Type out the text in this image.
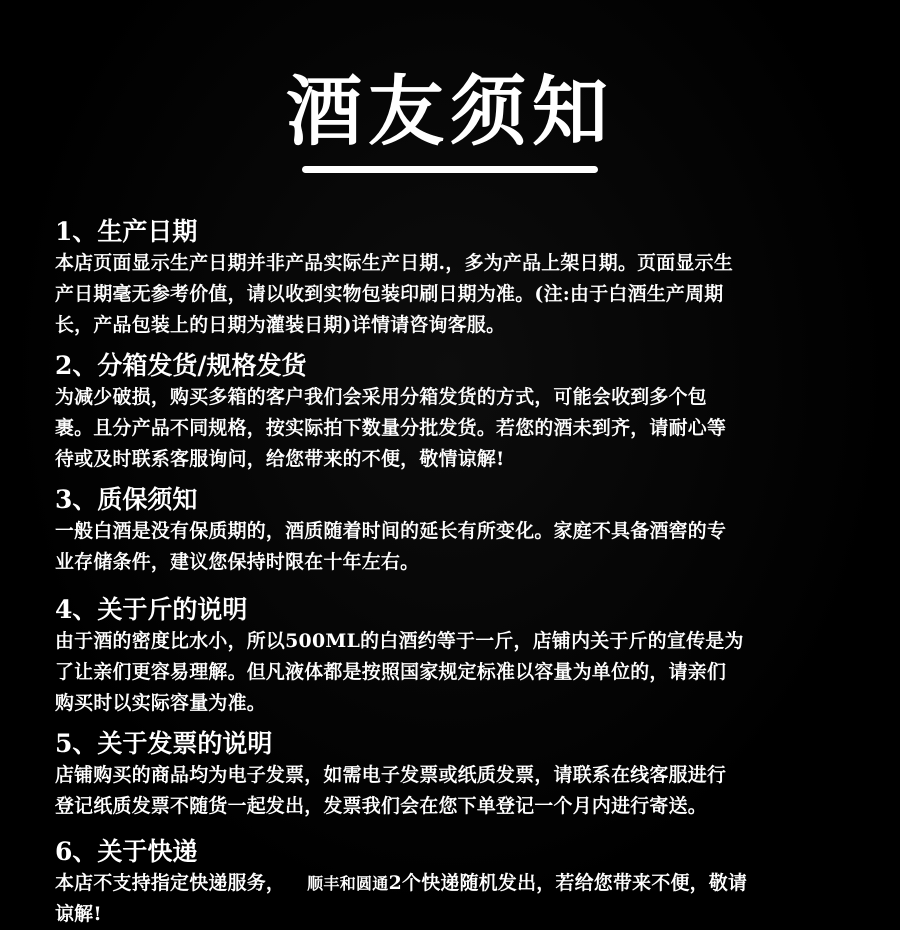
酒友须知
1、生产日期
本店页面显示生产日期并非产品实际生产日期.，多为产品上架日期。页面显示生
产日期毫无参考价值，请以收到实物包装印刷日期为准。(注:由于白酒生产周期
长，产品包装上的日期为灌装日期)详情请咨询客服。
2、分箱发货/规格发货
为减少破损，购买多箱的客户我们会采用分箱发货的方式，可能会收到多个包
裹。且分产品不同规格，按实际拍下数量分批发货。若您的酒未到齐，请耐心等
待或及时联系客服询问，给您带来的不便，敬情谅解!
3、质保须知
一般白酒是没有保质期的，酒质随着时间的延长有所变化。家庭不具备酒窖的专
业存储条件，建议您保持时限在十年左右。
4、关于斤的说明
由于酒的密度比水小，所以500ML的白酒约等于一斤，店铺内关于斤的宣传是为
了让亲们更容易理解。但凡液体都是按照国家规定标准以容量为单位的，请亲们
购买时以实际容量为准。
5、关于发票的说明
店铺购买的商品均为电子发票，如需电子发票或纸质发票，请联系在线客服进行
登记纸质发票不随货一起发出，发票我们会在您下单登记一个月内进行寄送。
6、关于快递
本店不支持指定快递服务， 顺丰和圆通2个快递随机发出，若给您带来不便，敬请
谅解!
